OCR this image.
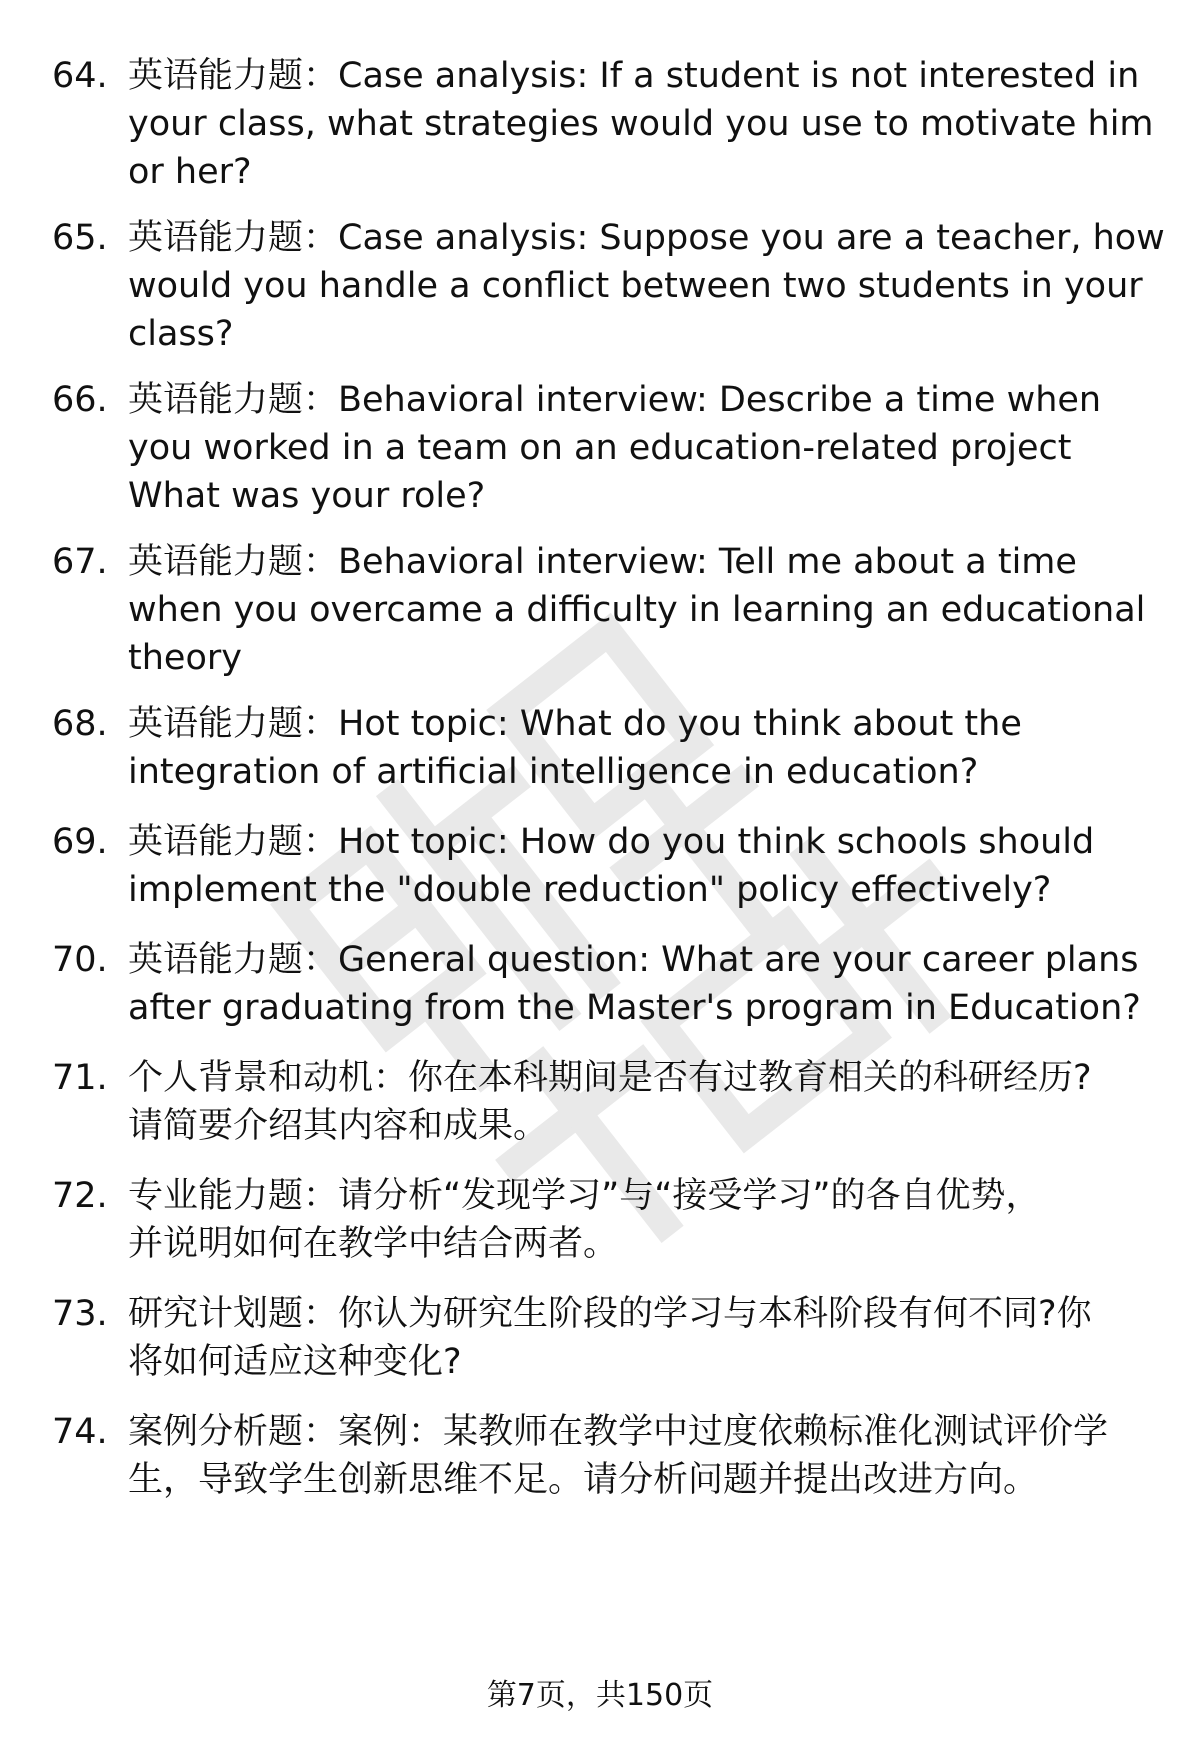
64. 英语能力题：Case analysis: If a student is not interested in
your class, what strategies would you use to motivate him
or her?
65. 英语能力题：Case analysis: Suppose you are a teacher, how
would you handle a conflict between two students in your
class?
66. 英语能力题：Behavioral interview: Describe a time when
you worked in a team on an education-related project
What was your role?
67. 英语能力题：Behavioral interview: Tell me about a time
when you overcame a difficulty in learning an educational
theory
68. 英语能力题：Hot topic: What do you think about the
integration of artificial intelligence in education?
69. 英语能力题：Hot topic: How do you think schools should
implement the "double reduction" policy effectively?
70. 英语能力题：General question: What are your career plans
after graduating from the Master's program in Education?
71. 个人背景和动机：你在本科期间是否有过教育相关的科研经历?
请简要介绍其内容和成果。
72. 专业能力题：请分析“发现学习”与“接受学习”的各自优势，
并说明如何在教学中结合两者。
73. 研究计划题：你认为研究生阶段的学习与本科阶段有何不同?你
将如何适应这种变化?
74. 案例分析题：案例：某教师在教学中过度依赖标准化测试评价学
生，导致学生创新思维不足。请分析问题并提出改进方向。
第7页，共150页
